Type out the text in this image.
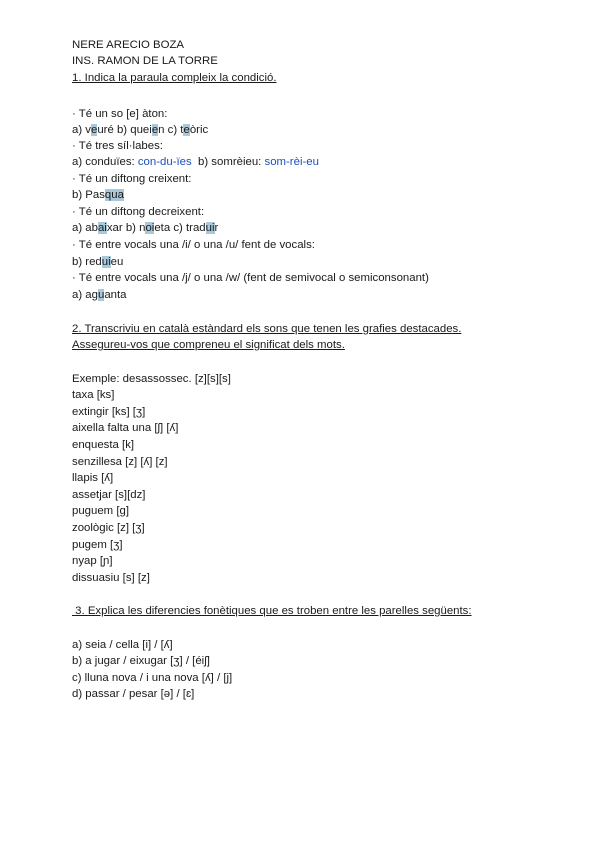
NERE ARECIO BOZA
INS. RAMON DE LA TORRE
1. Indica la paraula compleix la condició.
· Té un so [e] àton:
a) veuré b) queien c) teòric
· Té tres síl·labes:
a) conduïes: con-du-ïes  b) somrèieu: som-rèi-eu
· Té un diftong creixent:
b) Pasqua
· Té un diftong decreixent:
a) abaixar b) noieta c) traduir
· Té entre vocals una /i/ o una /u/ fent de vocals:
b) reduieu
· Té entre vocals una /j/ o una /w/ (fent de semivocal o semiconsonant)
a) aguanta
2. Transcriviu en català estàndard els sons que tenen les grafies destacades.
Assegureu-vos que compreneu el significat dels mots.
Exemple: desassossec. [z][s][s]
taxa [ks]
extingir [ks] [ʒ]
aixella falta una [ʃ] [ʎ]
enquesta [k]
senzillesa [z] [ʎ] [z]
llapis [ʎ]
assetjar [s][dz]
puguem [g]
zoològic [z] [ʒ]
pugem [ʒ]
nyap [ɲ]
dissuasiu [s] [z]
3. Explica les diferencies fonètiques que es troben entre les parelles següents:
a) seia / cella [i] / [ʎ]
b) a jugar / eixugar [ʒ] / [éiʃ]
c) lluna nova / i una nova [ʎ] / [j]
d) passar / pesar [ə] / [ɛ]
